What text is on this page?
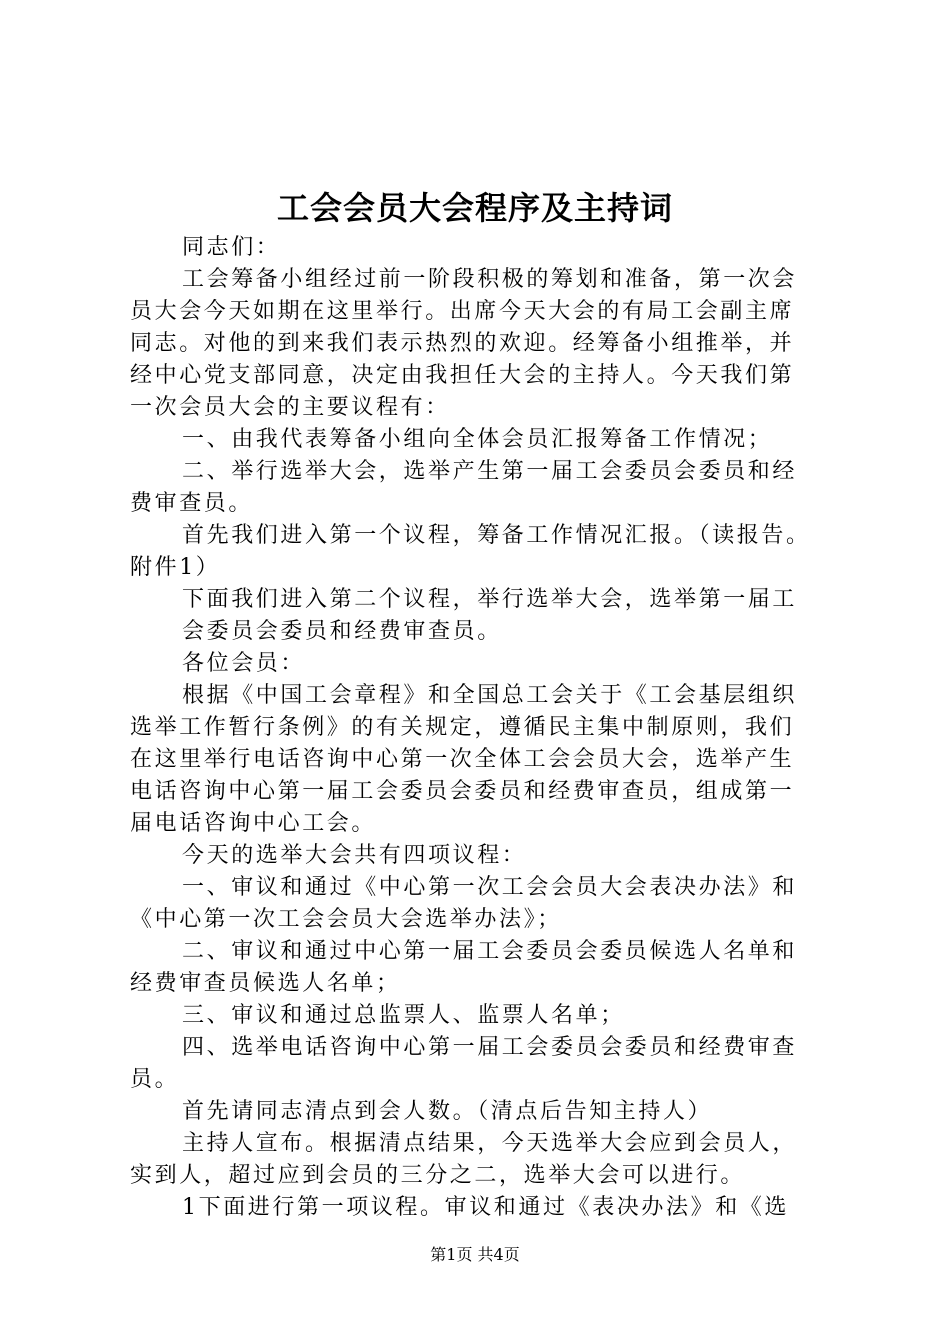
工会会员大会程序及主持词
同志们：
工会筹备小组经过前一阶段积极的筹划和准备，第一次会
员大会今天如期在这里举行。出席今天大会的有局工会副主席
同志。对他的到来我们表示热烈的欢迎。经筹备小组推举，并
经中心党支部同意，决定由我担任大会的主持人。今天我们第
一次会员大会的主要议程有：
一、由我代表筹备小组向全体会员汇报筹备工作情况；
二、举行选举大会，选举产生第一届工会委员会委员和经
费审查员。
首先我们进入第一个议程，筹备工作情况汇报。（读报告。
附件1）
下面我们进入第二个议程，举行选举大会，选举第一届工
会委员会委员和经费审查员。
各位会员：
根据《中国工会章程》和全国总工会关于《工会基层组织
选举工作暂行条例》的有关规定，遵循民主集中制原则，我们
在这里举行电话咨询中心第一次全体工会会员大会，选举产生
电话咨询中心第一届工会委员会委员和经费审查员，组成第一
届电话咨询中心工会。
今天的选举大会共有四项议程：
一、审议和通过《中心第一次工会会员大会表决办法》和
《中心第一次工会会员大会选举办法》；
二、审议和通过中心第一届工会委员会委员候选人名单和
经费审查员候选人名单；
三、审议和通过总监票人、监票人名单；
四、选举电话咨询中心第一届工会委员会委员和经费审查
员。
首先请同志清点到会人数。（清点后告知主持人）
主持人宣布。根据清点结果，今天选举大会应到会员人，
实到人，超过应到会员的三分之二，选举大会可以进行。
1下面进行第一项议程。审议和通过《表决办法》和《选
第1页 共4页
